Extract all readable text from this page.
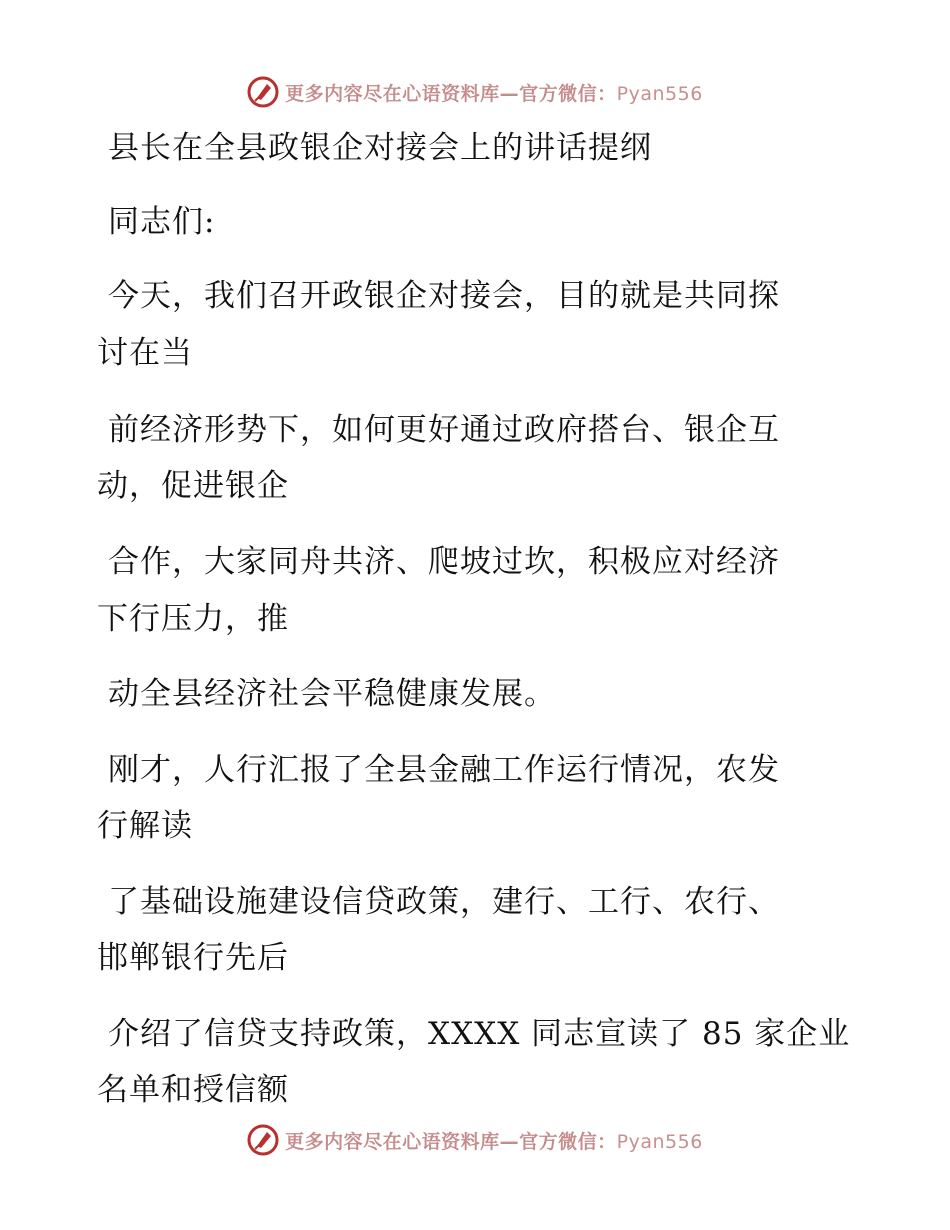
更多内容尽在心语资料库—官方微信：Pyan556
县长在全县政银企对接会上的讲话提纲
同志们:
今天，我们召开政银企对接会，目的就是共同探
讨在当
前经济形势下，如何更好通过政府搭台、银企互
动，促进银企
合作，大家同舟共济、爬坡过坎，积极应对经济
下行压力，推
动全县经济社会平稳健康发展。
刚才，人行汇报了全县金融工作运行情况，农发
行解读
了基础设施建设信贷政策，建行、工行、农行、
邯郸银行先后
介绍了信贷支持政策，XXXX 同志宣读了 85 家企业
名单和授信额
更多内容尽在心语资料库—官方微信：Pyan556
